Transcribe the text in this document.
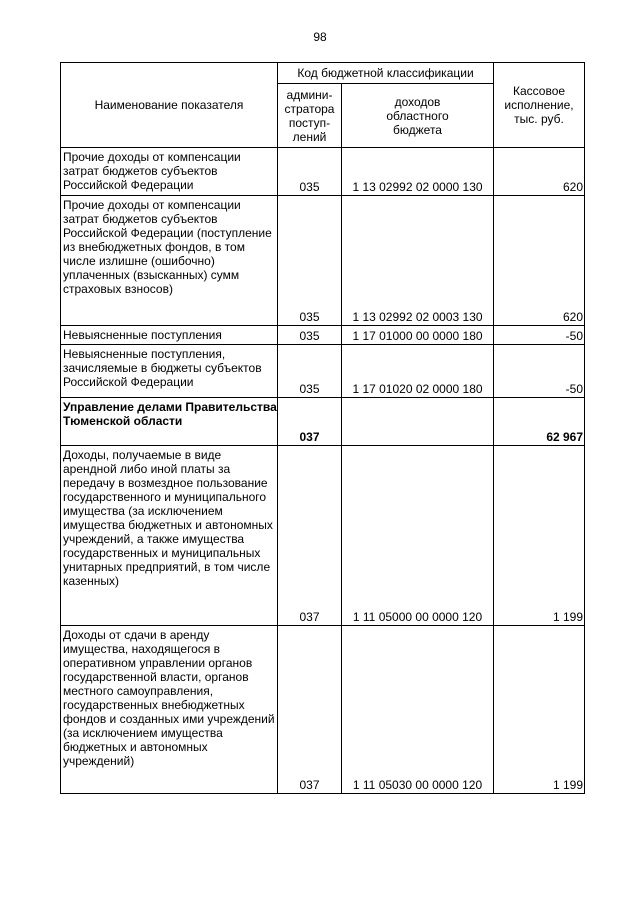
98
Наименование показателя	Код бюджетной классификации		Кассовое
исполнение,
тыс. руб.

	админи-
стратора
поступ-
лений	доходов
областного
бюджета	

Прочие доходы от компенсации затрат бюджетов субъектов Российской Федерации	035	1 13 02992 02 0000 130	620
Прочие доходы от компенсации затрат бюджетов субъектов Российской Федерации (поступление из внебюджетных фондов, в том числе излишне (ошибочно) уплаченных (взысканных) сумм страховых взносов)	035	1 13 02992 02 0003 130	620
Невыясненные поступления	035	1 17 01000 00 0000 180	-50
Невыясненные поступления, зачисляемые в бюджеты субъектов Российской Федерации	035	1 17 01020 02 0000 180	-50
Управление делами Правительства Тюменской области	037		62 967
Доходы, получаемые в виде арендной либо иной платы за передачу в возмездное пользование государственного и муниципального имущества (за исключением имущества бюджетных и автономных учреждений, а также имущества государственных и муниципальных унитарных предприятий, в том числе казенных)	037	1 11 05000 00 0000 120	1 199
Доходы от сдачи в аренду имущества, находящегося в оперативном управлении органов государственной власти, органов местного самоуправления, государственных внебюджетных фондов и созданных ими учреждений (за исключением имущества бюджетных и автономных учреждений)	037	1 11 05030 00 0000 120	1 199
